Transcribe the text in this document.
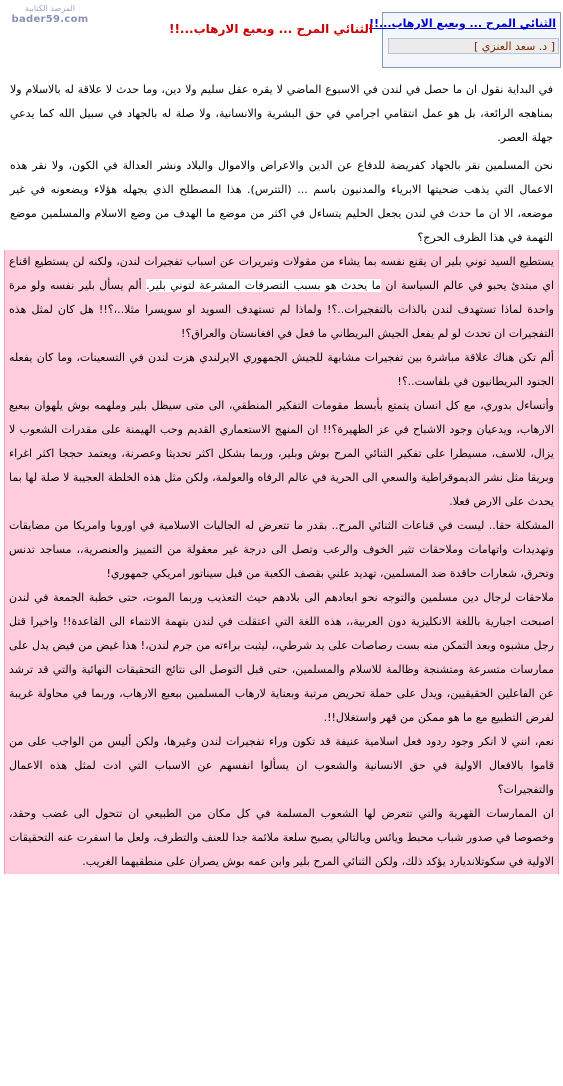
الثنائي المرح ... وبعبع الارهاب...!!
[ د. سعد العنزي ]
الثنائي المرح ... وبعبع الارهاب...!!
المرصد الكتابية
bader59.com

في البداية نقول ان ما حصل في لندن في الاسبوع الماضي لا يقره عقل سليم ولا دين، وما حدث لا علاقة له بالاسلام ولا بمناهجه الرائعة، بل هو عمل انتقامي اجرامي في حق البشرية والانسانية، ولا صلة له بالجهاد في سبيل الله كما يدعي جهلة العصر.

نحن المسلمين نقر بالجهاد كفريضة للدفاع عن الدين والاعراض والاموال والبلاد ونشر العدالة في الكون، ولا نقر هذه الاعمال التي يذهب ضحيتها الابرياء والمدنيون باسم ... (التترس). هذا المصطلح الذي يجهله هؤلاء ويضعونه في غير موضعه، الا ان ما حدث في لندن يجعل الحليم يتساءل في اكثر من موضع ما الهدف من وضع الاسلام والمسلمين موضع التهمة في هذا الظرف الحرج؟

يستطيع السيد توني بلير ان يقنع نفسه بما يشاء من مقولات وتبريرات عن اسباب تفجيرات لندن، ولكنه لن يستطيع اقناع اي مبتدئ يحبو في عالم السياسة ان ما يحدث هو بسبب التصرفات المشرعة لتوني بلير. ألم يسأل بلير نفسه ولو مرة واحدة لماذا تستهدف لندن بالذات بالتفجيرات..؟! ولماذا لم تستهدف السويد او سويسرا مثلا..،؟!! هل كان لمثل هذه التفجيرات ان تحدث لو لم يفعل الجيش البريطاني ما فعل في افغانستان والعراق؟!

ألم تكن هناك علاقة مباشرة بين تفجيرات مشابهة للجيش الجمهوري الايرلندي هزت لندن في التسعينات، وما كان يفعله الجنود البريطانيون في بلفاست..؟!

وأتساءل بدوري، مع كل انسان يتمتع بأبسط مقومات التفكير المنطقي، الى متى سيظل بلير وملهمه بوش يلهوان ببعبع الارهاب، ويدعيان وجود الاشباح في عز الظهيرة؟!! ان المنهج الاستعماري القديم وحب الهيمنة على مقدرات الشعوب لا يزال، للاسف، مسيطرا على تفكير الثنائي المرح بوش وبلير، وربما بشكل اكثر تحديثا وعصرنة، ويعتمد حججا اكثر اغراء وبريقا مثل نشر الديموقراطية والسعي الى الحرية في عالم الرفاه والعولمة، ولكن مثل هذه الخلطة العجيبة لا صلة لها بما يحدث على الارض فعلا.

المشكلة حقا.. ليست في قناعات الثنائي المرح.. بقدر ما تتعرض له الجاليات الاسلامية في اوروبا وامريكا من مضايقات وتهديدات واتهامات وملاحقات تثير الخوف والرعب وتصل الى درجة غير معقولة من التمييز والعنصرية،، مساجد تدنس وتحرق، شعارات حاقدة ضد المسلمين، تهديد علني بقصف الكعبة من قبل سيناتور امريكي جمهوري!

ملاحقات لرجال دين مسلمين والتوجه نحو ابعادهم الى بلادهم حيث التعذيب وربما الموت، حتى خطبة الجمعة في لندن اصبحت اجبارية باللغة الانكليزية دون العربية،، هذه اللغة التي اعتقلت في لندن بتهمة الانتماء الى القاعدة!! واخيرا قتل رجل مشبوه وبعد التمكن منه بست رصاصات على يد شرطي،، ليثبت براءته من جرم لندن،! هذا غيض من فيض يدل على ممارسات متسرعة ومتشنجة وظالمة للاسلام والمسلمين، حتى قبل التوصل الى نتائج التحقيقات النهائية والتي قد ترشد عن الفاعلين الحقيقيين، ويدل على حملة تحريض مرتبة وبعناية لارهاب المسلمين ببعبع الارهاب، وربما في محاولة غريبة لفرض التطبيع مع ما هو ممكن من قهر واستغلال!!.

نعم، انني لا انكر وجود ردود فعل اسلامية عنيفة قد تكون وراء تفجيرات لندن وغيرها، ولكن أليس من الواجب على من قاموا بالافعال الاولية في حق الانسانية والشعوب ان يسألوا انفسهم عن الاسباب التي ادت لمثل هذه الاعمال والتفجيرات؟

ان الممارسات القهرية والتي تتعرض لها الشعوب المسلمة في كل مكان من الطبيعي ان تتحول الى غضب وحقد، وخصوصا في صدور شباب محبط ويائس وبالتالي يصبح سلعة ملائمة جدا للعنف والتطرف، ولعل ما اسفرت عنه التحقيقات الاولية في سكوتلانديارد يؤكد ذلك، ولكن الثنائي المرح بلير وابن عمه بوش يصران على منطقيهما الغريب.
